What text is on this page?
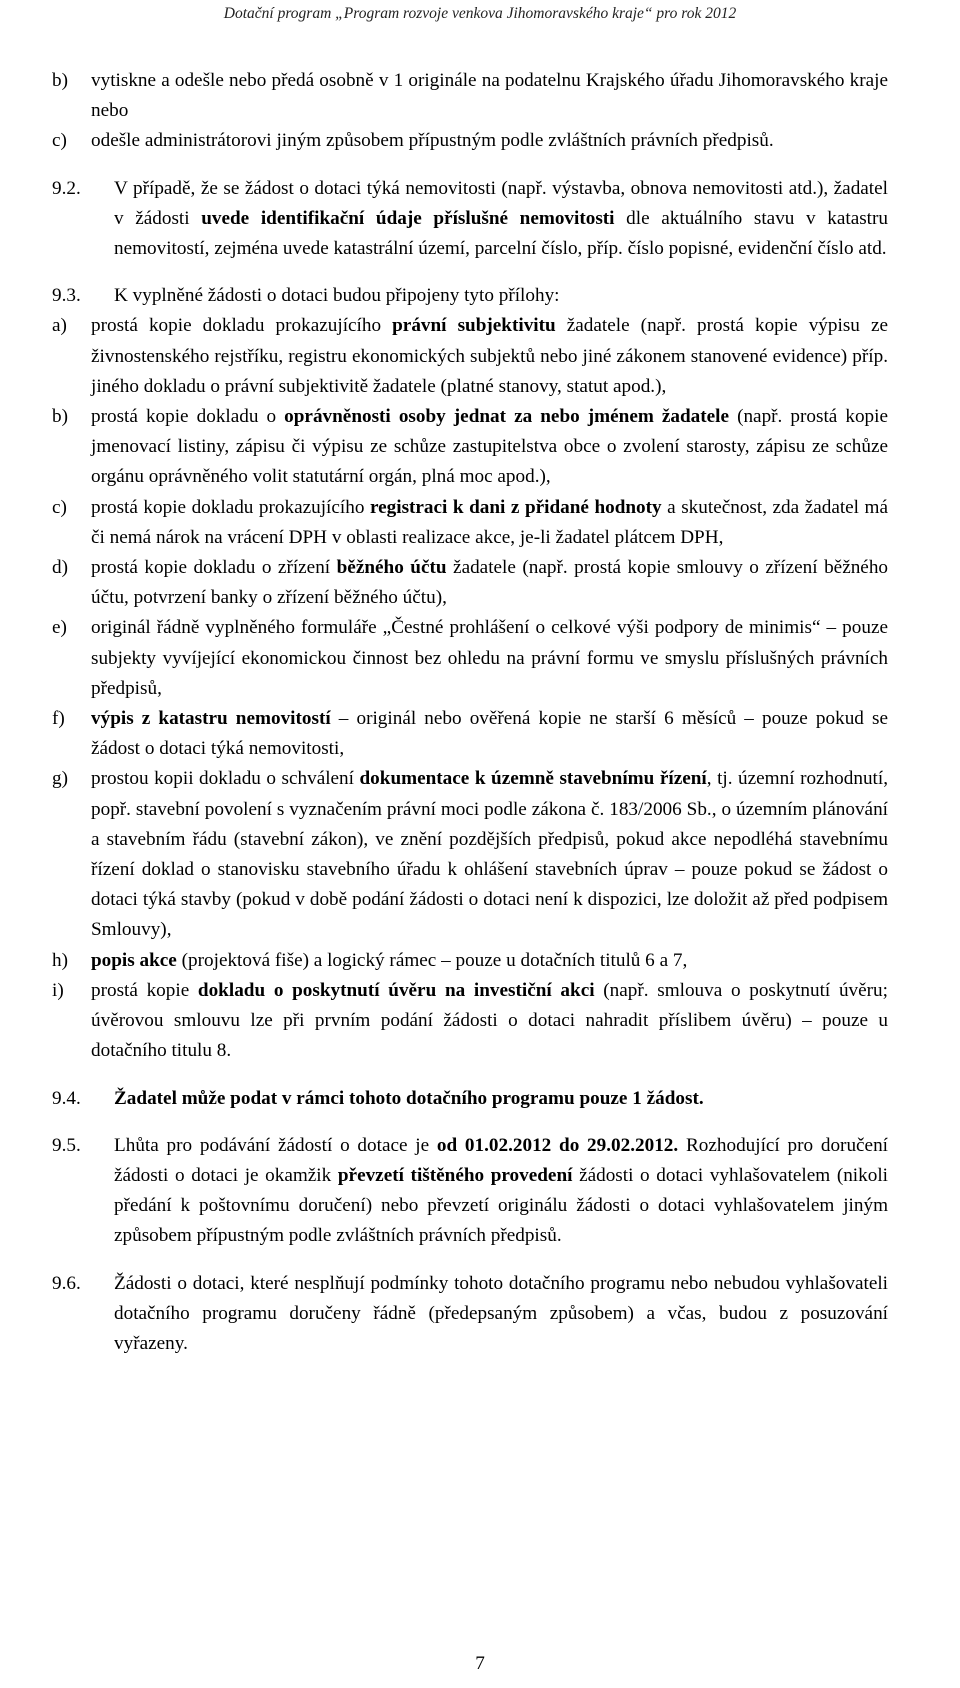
Dotační program „Program rozvoje venkova Jihomoravského kraje“ pro rok 2012
b) vytiskne a odešle nebo předá osobně v 1 originále na podatelnu Krajského úřadu Jihomoravského kraje nebo

c) odešle administrátorovi jiným způsobem přípustným podle zvláštních právních předpisů.

9.2. V případě, že se žádost o dotaci týká nemovitosti (např. výstavba, obnova nemovitosti atd.), žadatel v žádosti uvede identifikační údaje příslušné nemovitosti dle aktuálního stavu v katastru nemovitostí, zejména uvede katastrální území, parcelní číslo, příp. číslo popisné, evidenční číslo atd.

9.3. K vyplněné žádosti o dotaci budou připojeny tyto přílohy:

a) prostá kopie dokladu prokazujícího právní subjektivitu žadatele (např. prostá kopie výpisu ze živnostenského rejstříku, registru ekonomických subjektů nebo jiné zákonem stanovené evidence) příp. jiného dokladu o právní subjektivitě žadatele (platné stanovy, statut apod.),

b) prostá kopie dokladu o oprávněnosti osoby jednat za nebo jménem žadatele (např. prostá kopie jmenovací listiny, zápisu či výpisu ze schůze zastupitelstva obce o zvolení starosty, zápisu ze schůze orgánu oprávněného volit statutární orgán, plná moc apod.),

c) prostá kopie dokladu prokazujícího registraci k dani z přidané hodnoty a skutečnost, zda žadatel má či nemá nárok na vrácení DPH v oblasti realizace akce, je-li žadatel plátcem DPH,

d) prostá kopie dokladu o zřízení běžného účtu žadatele (např. prostá kopie smlouvy o zřízení běžného účtu, potvrzení banky o zřízení běžného účtu),

e) originál řádně vyplněného formuláře „Čestné prohlášení o celkové výši podpory de minimis“ – pouze subjekty vyvíjející ekonomickou činnost bez ohledu na právní formu ve smyslu příslušných právních předpisů,

f) výpis z katastru nemovitostí – originál nebo ověřená kopie ne starší 6 měsíců – pouze pokud se žádost o dotaci týká nemovitosti,

g) prostou kopii dokladu o schválení dokumentace k územně stavebnímu řízení, tj. územní rozhodnutí, popř. stavební povolení s vyznačením právní moci podle zákona č. 183/2006 Sb., o územním plánování a stavebním řádu (stavební zákon), ve znění pozdějších předpisů, pokud akce nepodléhá stavebnímu řízení doklad o stanovisku stavebního úřadu k ohlášení stavebních úprav – pouze pokud se žádost o dotaci týká stavby (pokud v době podání žádosti o dotaci není k dispozici, lze doložit až před podpisem Smlouvy),

h) popis akce (projektová fiše) a logický rámec – pouze u dotačních titulů 6 a 7,

i) prostá kopie dokladu o poskytnutí úvěru na investiční akci (např. smlouva o poskytnutí úvěru; úvěrovou smlouvu lze při prvním podání žádosti o dotaci nahradit příslibem úvěru) – pouze u dotačního titulu 8.

9.4. Žadatel může podat v rámci tohoto dotačního programu pouze 1 žádost.

9.5. Lhůta pro podávání žádostí o dotace je od 01.02.2012 do 29.02.2012. Rozhodující pro doručení žádosti o dotaci je okamžik převzetí tištěného provedení žádosti o dotaci vyhlašovatelem (nikoli předání k poštovnímu doručení) nebo převzetí originálu žádosti o dotaci vyhlašovatelem jiným způsobem přípustným podle zvláštních právních předpisů.

9.6. Žádosti o dotaci, které nesplňují podmínky tohoto dotačního programu nebo nebudou vyhlašovateli dotačního programu doručeny řádně (předepsaným způsobem) a včas, budou z posuzování vyřazeny.

7
